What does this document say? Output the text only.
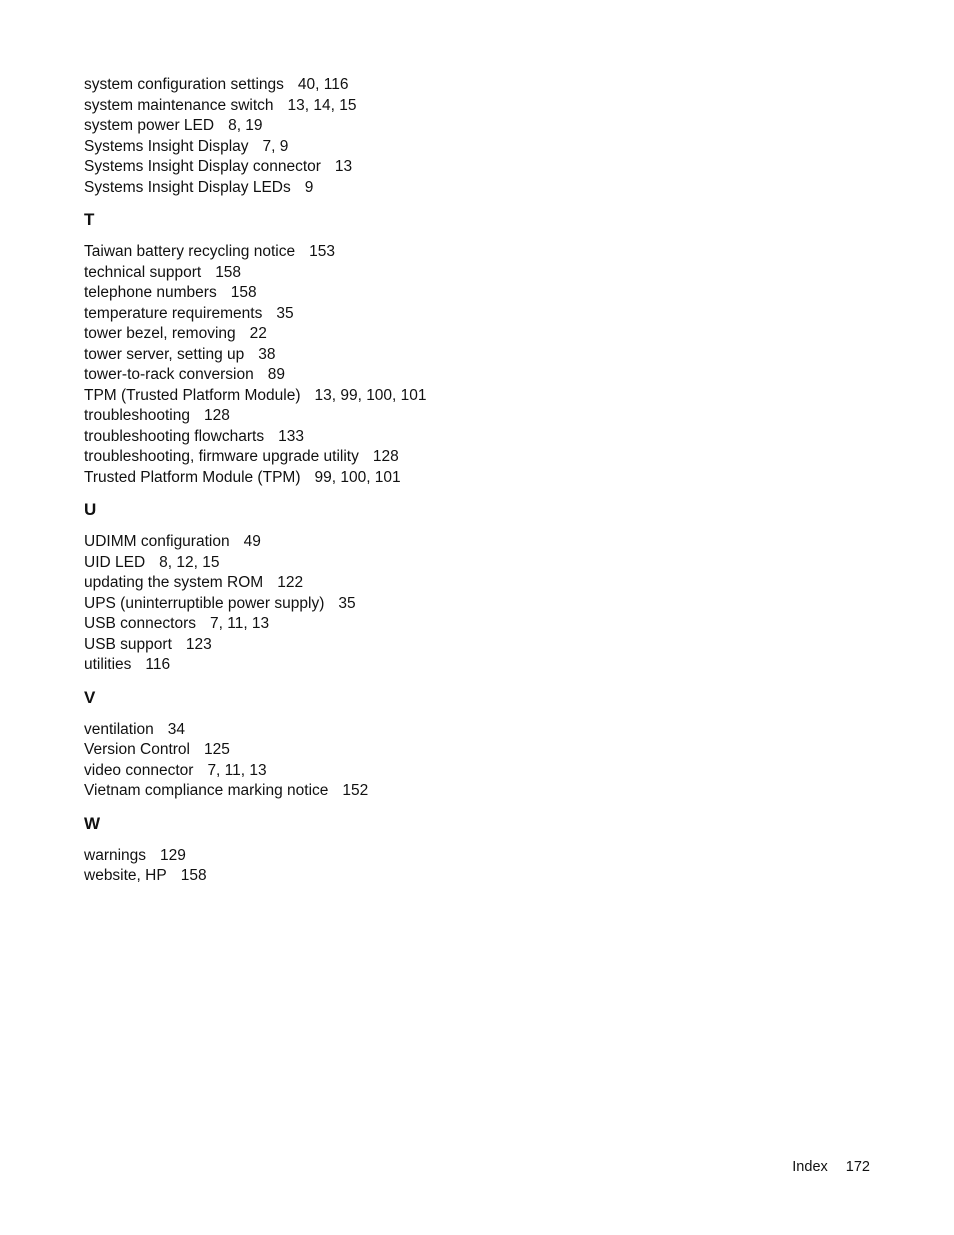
system configuration settings 40, 116
system maintenance switch 13, 14, 15
system power LED 8, 19
Systems Insight Display 7, 9
Systems Insight Display connector 13
Systems Insight Display LEDs 9
T
Taiwan battery recycling notice 153
technical support 158
telephone numbers 158
temperature requirements 35
tower bezel, removing 22
tower server, setting up 38
tower-to-rack conversion 89
TPM (Trusted Platform Module) 13, 99, 100, 101
troubleshooting 128
troubleshooting flowcharts 133
troubleshooting, firmware upgrade utility 128
Trusted Platform Module (TPM) 99, 100, 101
U
UDIMM configuration 49
UID LED 8, 12, 15
updating the system ROM 122
UPS (uninterruptible power supply) 35
USB connectors 7, 11, 13
USB support 123
utilities 116
V
ventilation 34
Version Control 125
video connector 7, 11, 13
Vietnam compliance marking notice 152
W
warnings 129
website, HP 158
Index 172
